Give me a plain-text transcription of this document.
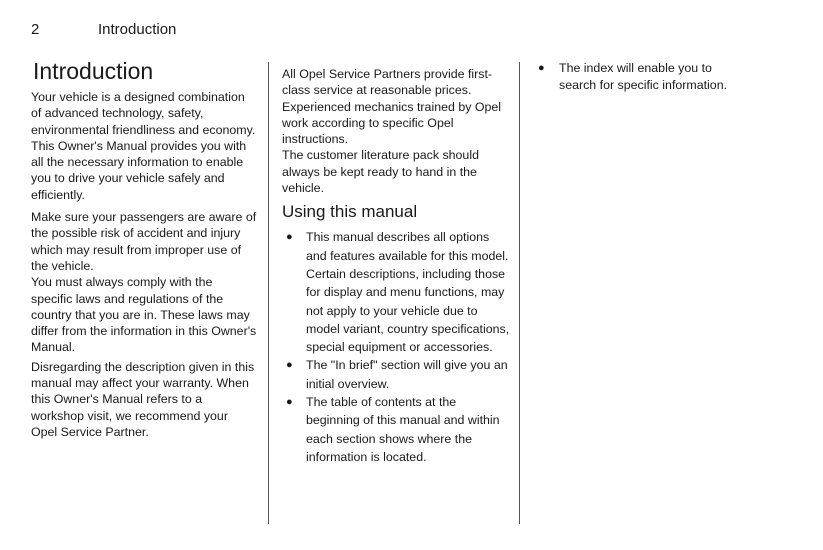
2	Introduction
Introduction

Your vehicle is a designed combination of advanced technology, safety, environmental friendliness and economy.

This Owner's Manual provides you with all the necessary information to enable you to drive your vehicle safely and efficiently.

Make sure your passengers are aware of the possible risk of accident and injury which may result from improper use of the vehicle.

You must always comply with the specific laws and regulations of the country that you are in. These laws may differ from the information in this Owner's Manual.

Disregarding the description given in this manual may affect your warranty. When this Owner's Manual refers to a workshop visit, we recommend your Opel Service Partner.

All Opel Service Partners provide first-class service at reasonable prices. Experienced mechanics trained by Opel work according to specific Opel instructions.

The customer literature pack should always be kept ready to hand in the vehicle.

Using this manual
● This manual describes all options and features available for this model. Certain descriptions, including those for display and menu functions, may not apply to your vehicle due to model variant, country specifications, special equipment or accessories.
● The "In brief" section will give you an initial overview.
● The table of contents at the beginning of this manual and within each section shows where the information is located.
● The index will enable you to search for specific information.
